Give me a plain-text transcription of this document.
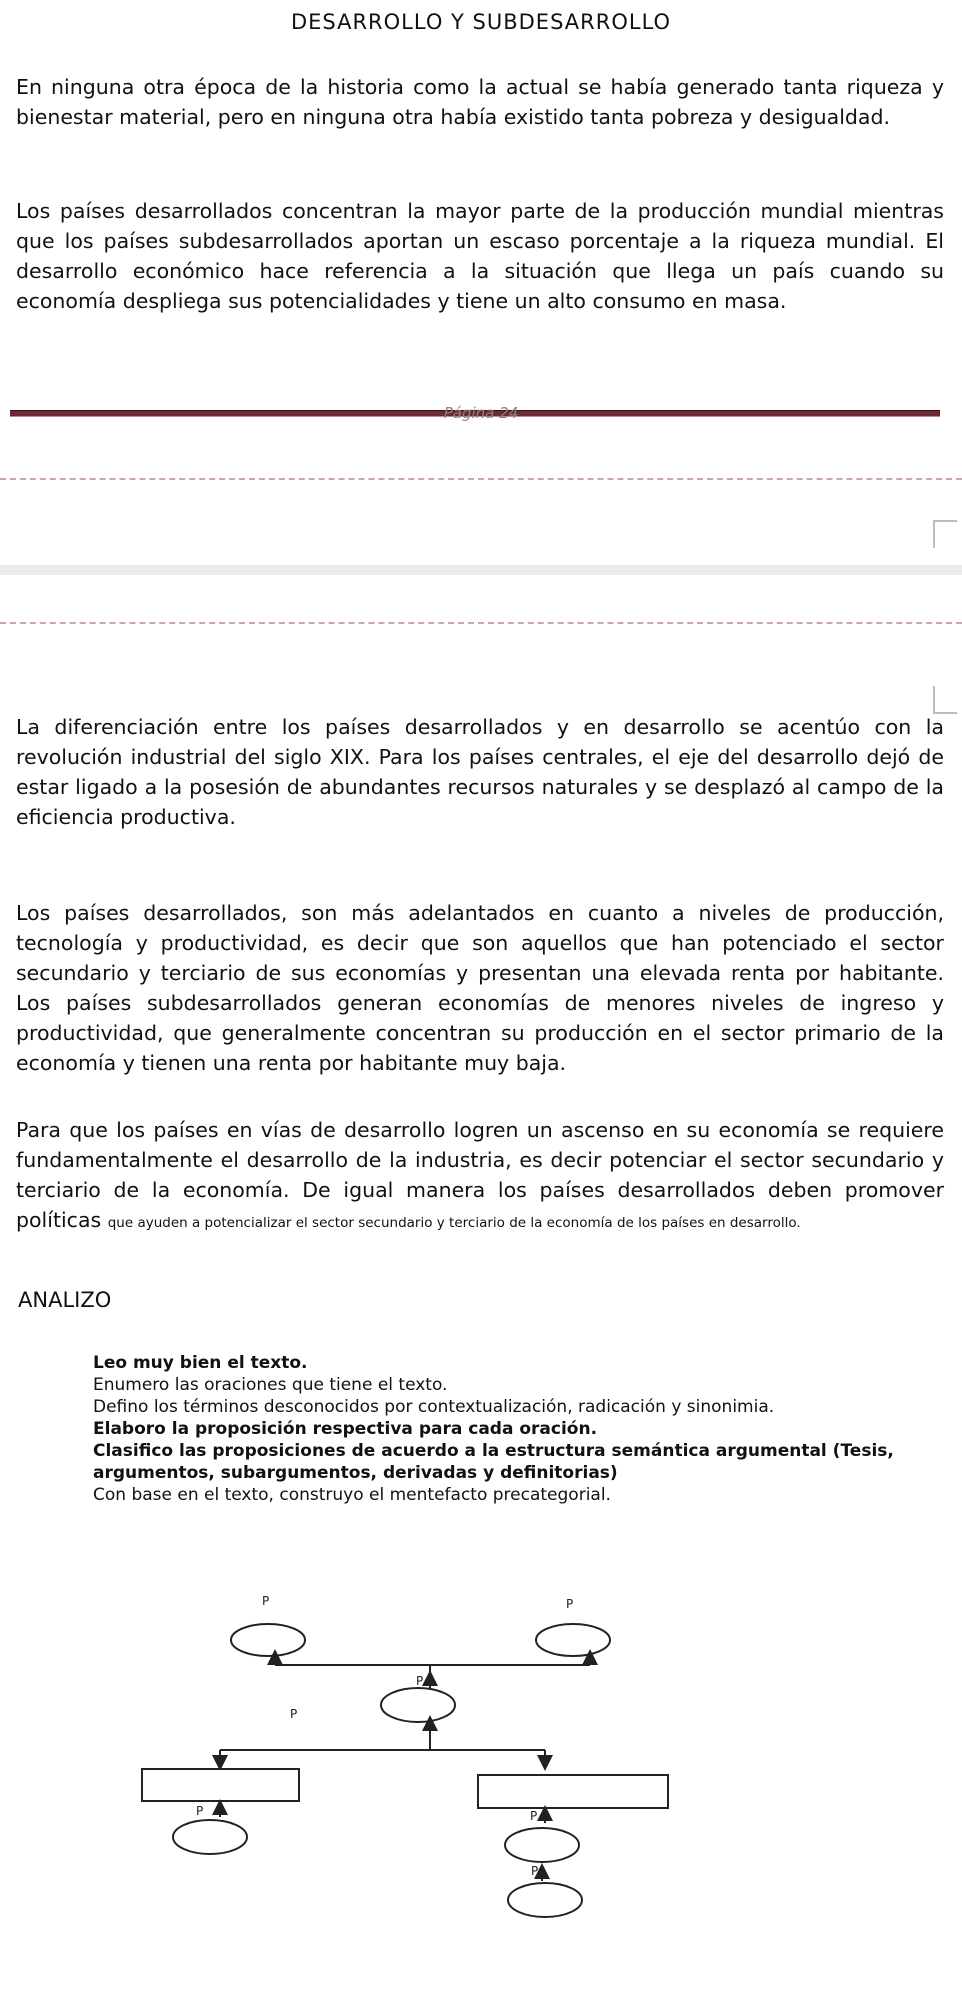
DESARROLLO Y SUBDESARROLLO

En ninguna otra época de la historia como la actual se había generado tanta riqueza y bienestar material, pero en ninguna otra había existido tanta pobreza y desigualdad.

Los países desarrollados concentran la mayor parte de la producción mundial mientras que los países subdesarrollados aportan un escaso porcentaje a la riqueza mundial. El desarrollo económico hace referencia a la situación que llega un país cuando su economía despliega sus potencialidades y tiene un alto consumo en masa.

Página 24

La diferenciación entre los países desarrollados y en desarrollo se acentúo con la revolución industrial del siglo XIX. Para los países centrales, el eje del desarrollo dejó de estar ligado a la posesión de abundantes recursos naturales y se desplazó al campo de la eficiencia productiva.

Los países desarrollados, son más adelantados en cuanto a niveles de producción, tecnología y productividad, es decir que son aquellos que han potenciado el sector secundario y terciario de sus economías y presentan una elevada renta por habitante. Los países subdesarrollados generan economías de menores niveles de ingreso y productividad, que generalmente concentran su producción en el sector primario de la economía y tienen una renta por habitante muy baja.

Para que los países en vías de desarrollo logren un ascenso en su economía se requiere fundamentalmente el desarrollo de la industria, es decir potenciar el sector secundario y terciario de la economía. De igual manera los países desarrollados deben promover políticas que ayuden a potencializar el sector secundario y terciario de la economía de los países en desarrollo.

ANALIZO
Leo muy bien el texto.
Enumero las oraciones que tiene el texto.
Defino los términos desconocidos por contextualización, radicación y sinonimia.
Elaboro la proposición respectiva para cada oración.
Clasifico las proposiciones de acuerdo a la estructura semántica argumental (Tesis,
argumentos, subargumentos, derivadas y definitorias)
Con base en el texto, construyo el mentefacto precategorial.
P	P
P
P
P	P
P
